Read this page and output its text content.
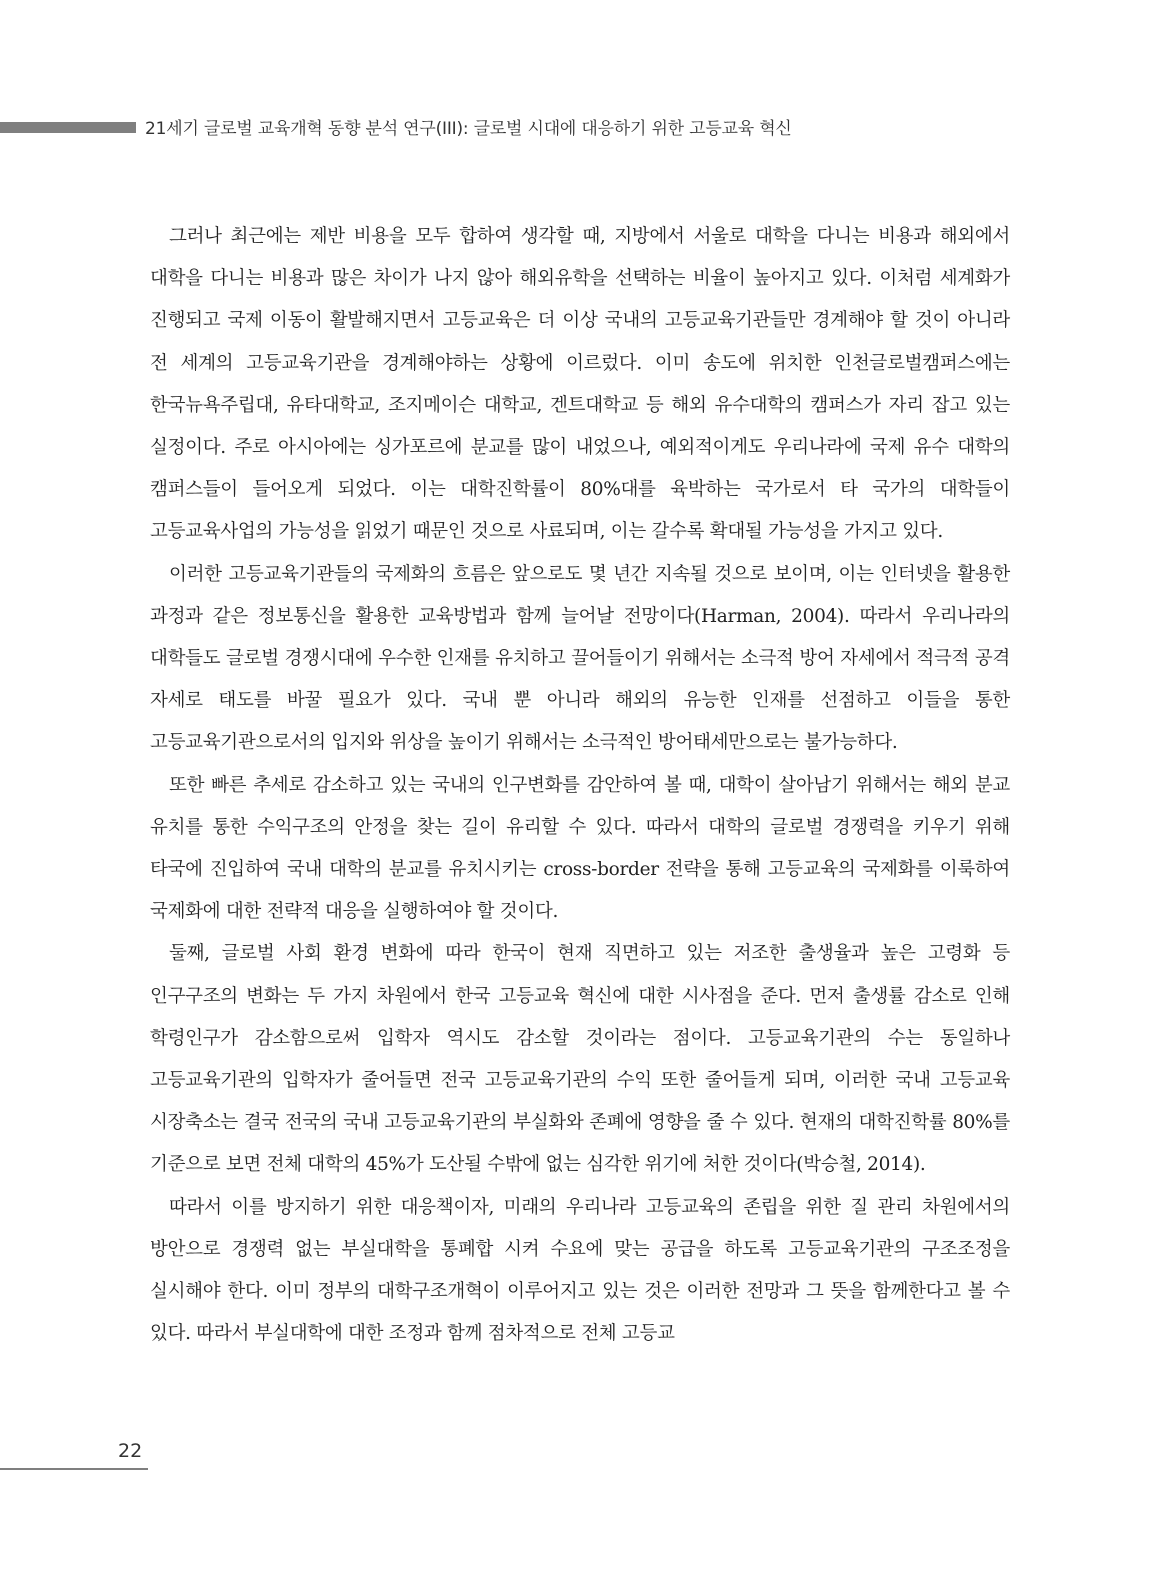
21세기 글로벌 교육개혁 동향 분석 연구(III): 글로벌 시대에 대응하기 위한 고등교육 혁신

그러나 최근에는 제반 비용을 모두 합하여 생각할 때, 지방에서 서울로 대학을 다니는 비용과 해외에서 대학을 다니는 비용과 많은 차이가 나지 않아 해외유학을 선택하는 비율이 높아지고 있다. 이처럼 세계화가 진행되고 국제 이동이 활발해지면서 고등교육은 더 이상 국내의 고등교육기관들만 경계해야 할 것이 아니라 전 세계의 고등교육기관을 경계해야하는 상황에 이르렀다. 이미 송도에 위치한 인천글로벌캠퍼스에는 한국뉴욕주립대, 유타대학교, 조지메이슨 대학교, 겐트대학교 등 해외 유수대학의 캠퍼스가 자리 잡고 있는 실정이다. 주로 아시아에는 싱가포르에 분교를 많이 내었으나, 예외적이게도 우리나라에 국제 유수 대학의 캠퍼스들이 들어오게 되었다. 이는 대학진학률이 80%대를 육박하는 국가로서 타 국가의 대학들이 고등교육사업의 가능성을 읽었기 때문인 것으로 사료되며, 이는 갈수록 확대될 가능성을 가지고 있다.

이러한 고등교육기관들의 국제화의 흐름은 앞으로도 몇 년간 지속될 것으로 보이며, 이는 인터넷을 활용한 과정과 같은 정보통신을 활용한 교육방법과 함께 늘어날 전망이다(Harman, 2004). 따라서 우리나라의 대학들도 글로벌 경쟁시대에 우수한 인재를 유치하고 끌어들이기 위해서는 소극적 방어 자세에서 적극적 공격 자세로 태도를 바꿀 필요가 있다. 국내 뿐 아니라 해외의 유능한 인재를 선점하고 이들을 통한 고등교육기관으로서의 입지와 위상을 높이기 위해서는 소극적인 방어태세만으로는 불가능하다.

또한 빠른 추세로 감소하고 있는 국내의 인구변화를 감안하여 볼 때, 대학이 살아남기 위해서는 해외 분교 유치를 통한 수익구조의 안정을 찾는 길이 유리할 수 있다. 따라서 대학의 글로벌 경쟁력을 키우기 위해 타국에 진입하여 국내 대학의 분교를 유치시키는 cross-border 전략을 통해 고등교육의 국제화를 이룩하여 국제화에 대한 전략적 대응을 실행하여야 할 것이다.

둘째, 글로벌 사회 환경 변화에 따라 한국이 현재 직면하고 있는 저조한 출생율과 높은 고령화 등 인구구조의 변화는 두 가지 차원에서 한국 고등교육 혁신에 대한 시사점을 준다. 먼저 출생률 감소로 인해 학령인구가 감소함으로써 입학자 역시도 감소할 것이라는 점이다. 고등교육기관의 수는 동일하나 고등교육기관의 입학자가 줄어들면 전국 고등교육기관의 수익 또한 줄어들게 되며, 이러한 국내 고등교육 시장축소는 결국 전국의 국내 고등교육기관의 부실화와 존폐에 영향을 줄 수 있다. 현재의 대학진학률 80%를 기준으로 보면 전체 대학의 45%가 도산될 수밖에 없는 심각한 위기에 처한 것이다(박승철, 2014).

따라서 이를 방지하기 위한 대응책이자, 미래의 우리나라 고등교육의 존립을 위한 질 관리 차원에서의 방안으로 경쟁력 없는 부실대학을 통폐합 시켜 수요에 맞는 공급을 하도록 고등교육기관의 구조조정을 실시해야 한다. 이미 정부의 대학구조개혁이 이루어지고 있는 것은 이러한 전망과 그 뜻을 함께한다고 볼 수 있다. 따라서 부실대학에 대한 조정과 함께 점차적으로 전체 고등교

22
